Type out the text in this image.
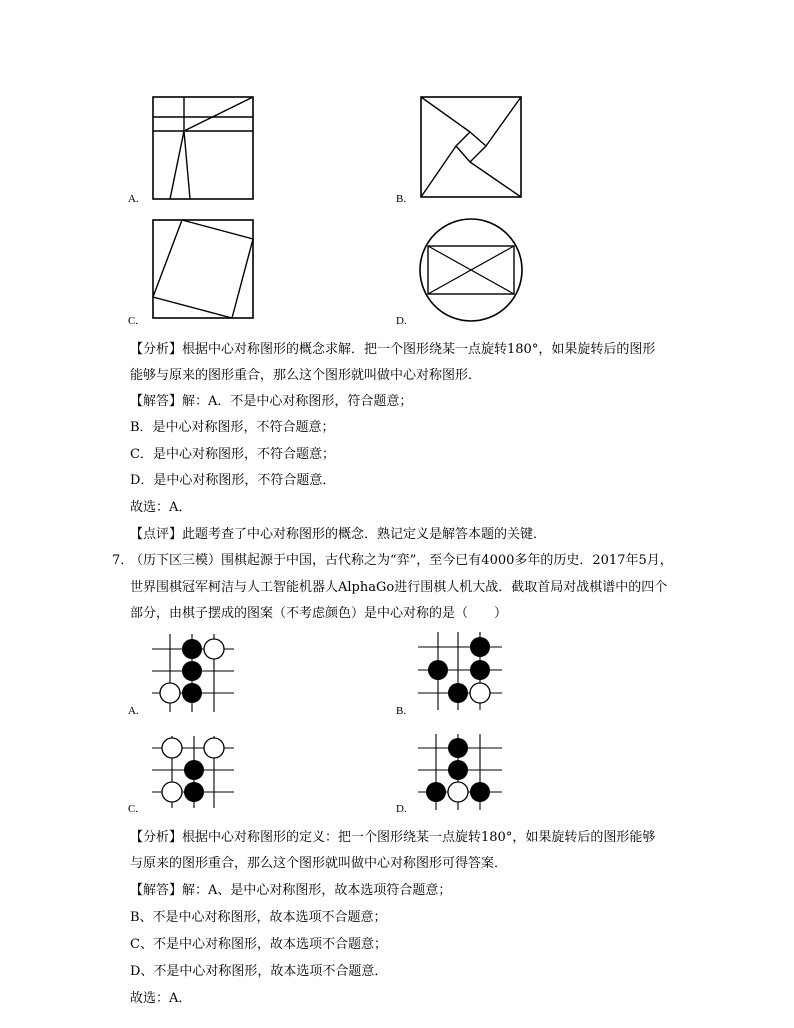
A.	B.
C.	D.
【分析】根据中心对称图形的概念求解．把一个图形绕某一点旋转180°，如果旋转后的图形
能够与原来的图形重合，那么这个图形就叫做中心对称图形．
【解答】解：A．不是中心对称图形，符合题意；
B．是中心对称图形，不符合题意；
C．是中心对称图形，不符合题意；
D．是中心对称图形，不符合题意．
故选：A．
【点评】此题考查了中心对称图形的概念．熟记定义是解答本题的关键．
7．
（历下区三模）围棋起源于中国，古代称之为“弈”，至今已有4000多年的历史．2017年5月，
世界围棋冠军柯洁与人工智能机器人AlphaGo进行围棋人机大战．截取首局对战棋谱中的四个
部分，由棋子摆成的图案（不考虑颜色）是中心对称的是（　　）
A.	B.
C.	D.
【分析】根据中心对称图形的定义：把一个图形绕某一点旋转180°，如果旋转后的图形能够
与原来的图形重合，那么这个图形就叫做中心对称图形可得答案．
【解答】解：A、是中心对称图形，故本选项符合题意；
B、不是中心对称图形，故本选项不合题意；
C、不是中心对称图形，故本选项不合题意；
D、不是中心对称图形，故本选项不合题意．
故选：A．
